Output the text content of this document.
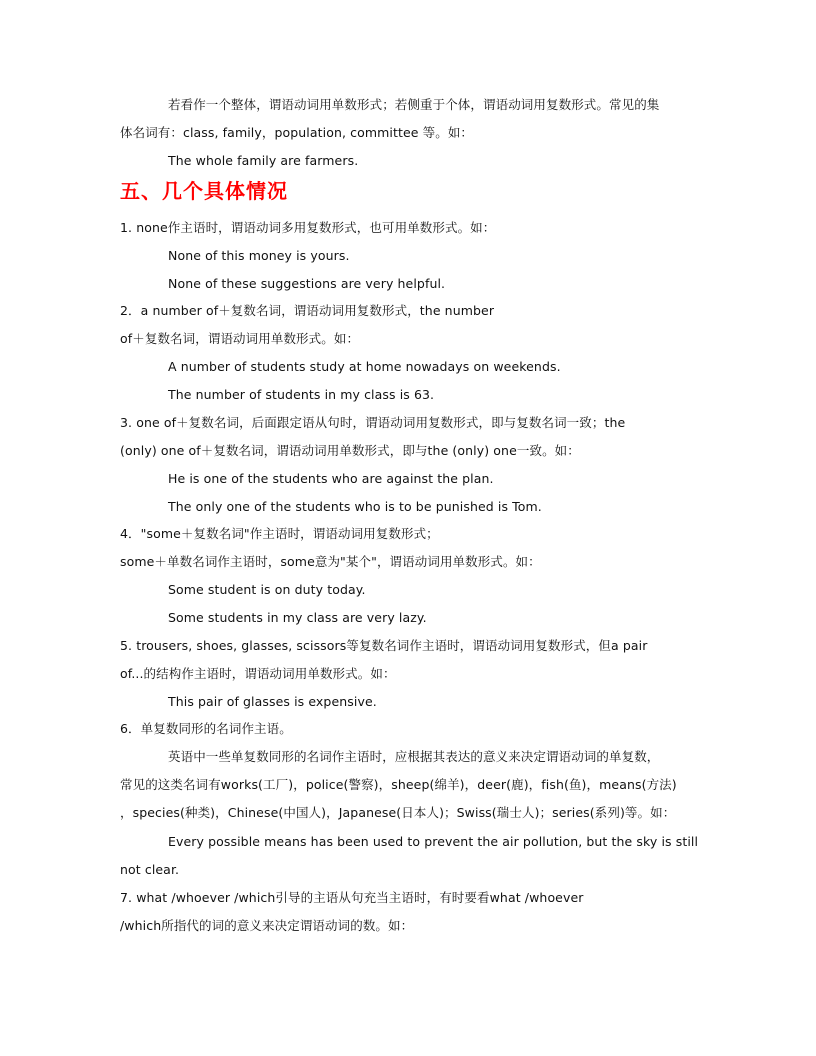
若看作一个整体，谓语动词用单数形式；若侧重于个体，谓语动词用复数形式。常见的集
体名词有：class, family，population, committee 等。如：
The whole family are farmers.
五、几个具体情况
1. none作主语时，谓语动词多用复数形式，也可用单数形式。如：
None of this money is yours.
None of these suggestions are very helpful.
2．a number of＋复数名词，谓语动词用复数形式，the number
of＋复数名词，谓语动词用单数形式。如：
A number of students study at home nowadays on weekends.
The number of students in my class is 63.
3. one of＋复数名词，后面跟定语从句时，谓语动词用复数形式，即与复数名词一致；the
(only) one of＋复数名词，谓语动词用单数形式，即与the (only) one一致。如：
He is one of the students who are against the plan.
The only one of the students who is to be punished is Tom.
4．"some＋复数名词"作主语时，谓语动词用复数形式；
some＋单数名词作主语时，some意为"某个"，谓语动词用单数形式。如：
Some student is on duty today.
Some students in my class are very lazy.
5. trousers, shoes, glasses, scissors等复数名词作主语时，谓语动词用复数形式，但a pair
of...的结构作主语时，谓语动词用单数形式。如：
This pair of glasses is expensive.
6．单复数同形的名词作主语。
英语中一些单复数同形的名词作主语时，应根据其表达的意义来决定谓语动词的单复数，
常见的这类名词有works(工厂)，police(警察)，sheep(绵羊)，deer(鹿)，fish(鱼)，means(方法)
，species(种类)，Chinese(中国人)，Japanese(日本人)；Swiss(瑞士人)；series(系列)等。如：
Every possible means has been used to prevent the air pollution, but the sky is still
not clear.
7. what /whoever /which引导的主语从句充当主语时，有时要看what /whoever
/which所指代的词的意义来决定谓语动词的数。如：
